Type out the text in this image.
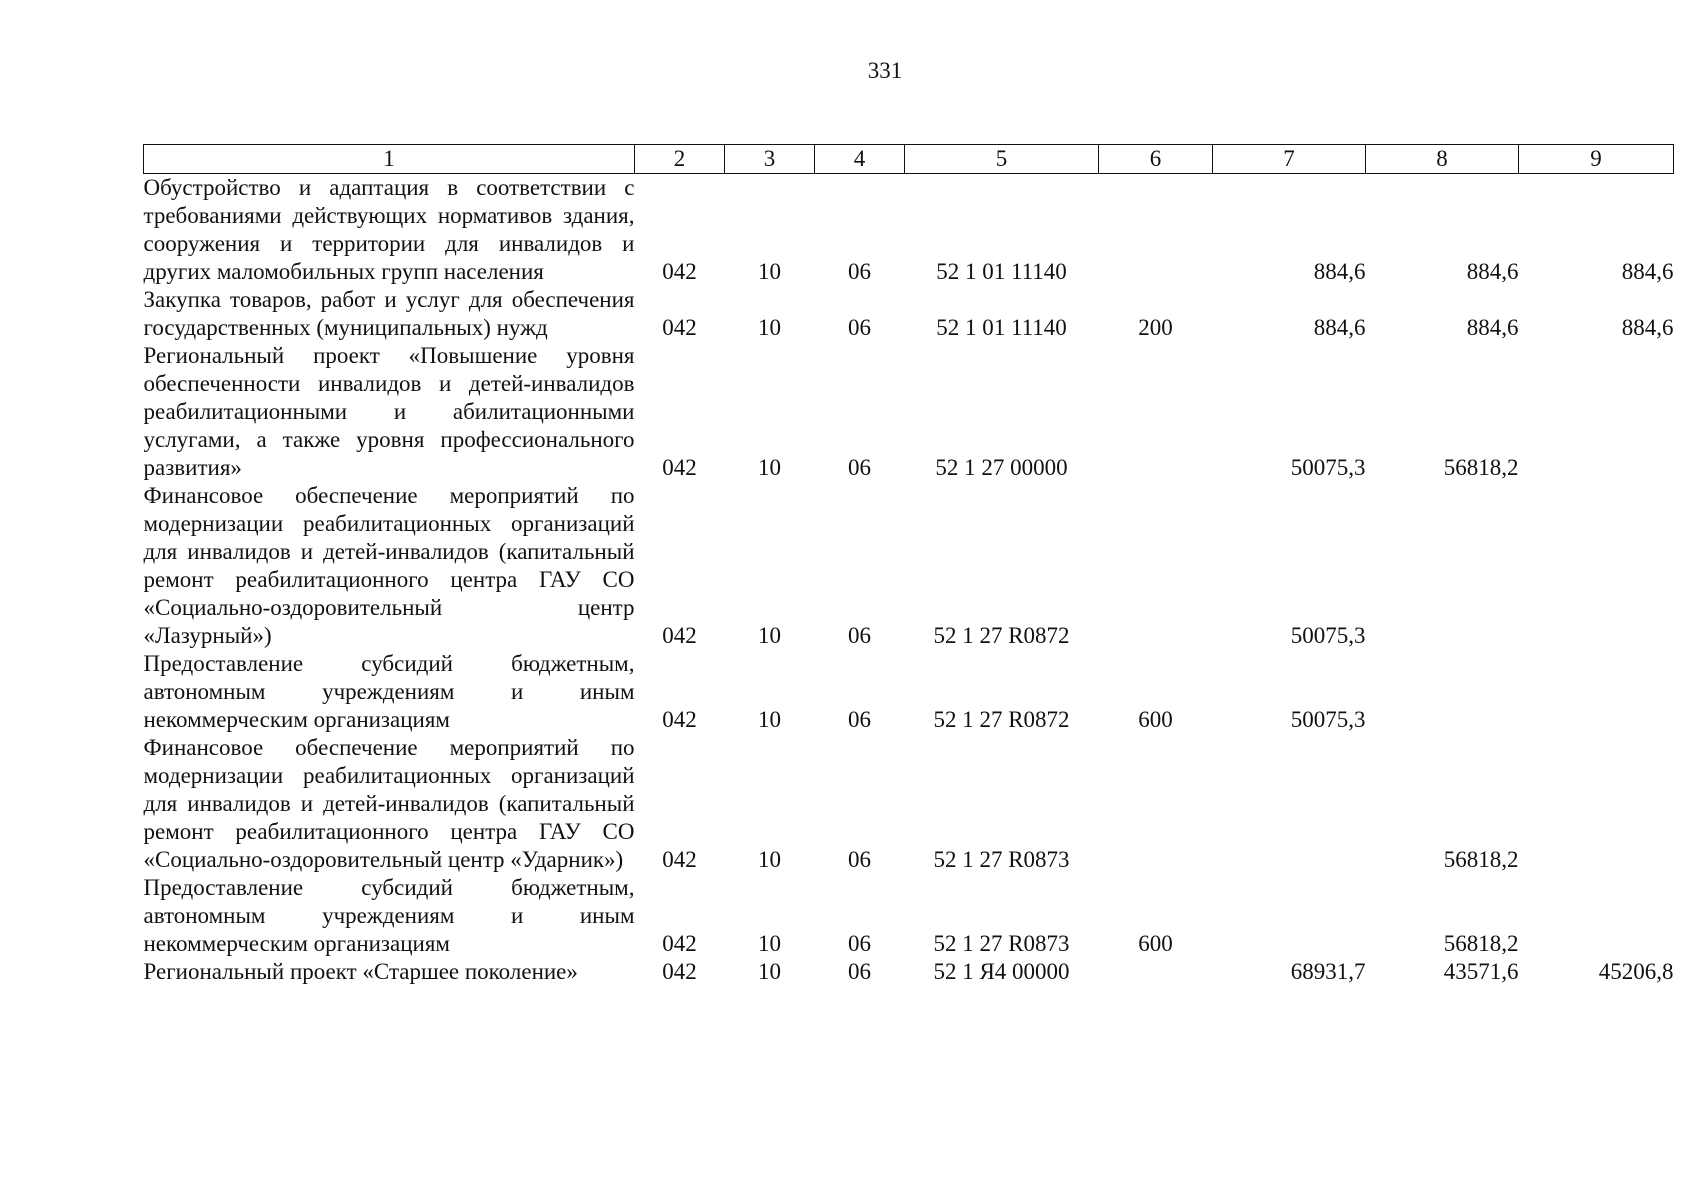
331
1	2	3	4	5	6	7	8	9
Обустройство и адаптация в соответствии с требованиями действующих нормативов здания, сооружения и территории для инвалидов и других маломобильных групп населения	042	10	06	52 1 01 11140		884,6	884,6	884,6
Закупка товаров, работ и услуг для обеспечения государственных (муниципальных) нужд	042	10	06	52 1 01 11140	200	884,6	884,6	884,6
Региональный проект «Повышение уровня обеспеченности инвалидов и детей-инвалидов реабилитационными и абилитационными услугами, а также уровня профессионального развития»	042	10	06	52 1 27 00000		50075,3	56818,2	
Финансовое обеспечение мероприятий по модернизации реабилитационных организаций для инвалидов и детей-инвалидов (капитальный ремонт реабилитационного центра ГАУ СО «Социально-оздоровительный центр «Лазурный»)	042	10	06	52 1 27 R0872		50075,3		
Предоставление субсидий бюджетным, автономным учреждениям и иным некоммерческим организациям	042	10	06	52 1 27 R0872	600	50075,3		
Финансовое обеспечение мероприятий по модернизации реабилитационных организаций для инвалидов и детей-инвалидов (капитальный ремонт реабилитационного центра ГАУ СО «Социально-оздоровительный центр «Ударник»)	042	10	06	52 1 27 R0873			56818,2	
Предоставление субсидий бюджетным, автономным учреждениям и иным некоммерческим организациям	042	10	06	52 1 27 R0873	600		56818,2	
Региональный проект «Старшее поколение»	042	10	06	52 1 Я4 00000		68931,7	43571,6	45206,8
